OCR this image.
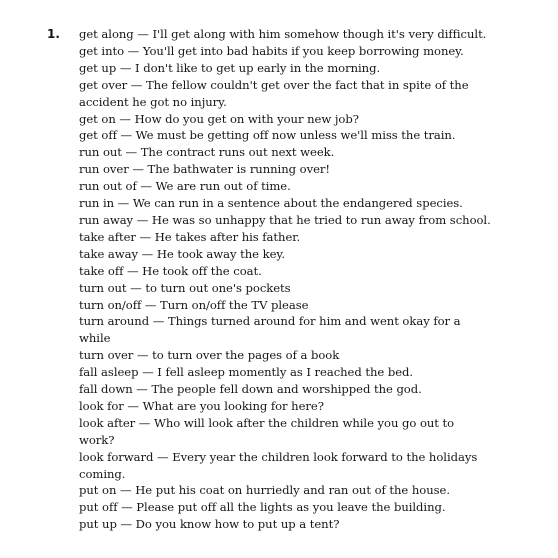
1. get along — I'll get along with him somehow though it's very difficult.
get into — You'll get into bad habits if you keep borrowing money.
get up — I don't like to get up early in the morning.
get over — The fellow couldn't get over the fact that in spite of the
accident he got no injury.
get on — How do you get on with your new job?
get off — We must be getting off now unless we'll miss the train.
run out — The contract runs out next week.
run over — The bathwater is running over!
run out of — We are run out of time.
run in — We can run in a sentence about the endangered species.
run away — He was so unhappy that he tried to run away from school.
take after — He takes after his father.
take away — He took away the key.
take off — He took off the coat.
turn out — to turn out one's pockets
turn on/off — Turn on/off the TV please
turn around — Things turned around for him and went okay for a
while
turn over — to turn over the pages of a book
fall asleep — I fell asleep momently as I reached the bed.
fall down — The people fell down and worshipped the god.
look for — What are you looking for here?
look after — Who will look after the children while you go out to
work?
look forward — Every year the children look forward to the holidays
coming.
put on — He put his coat on hurriedly and ran out of the house.
put off — Please put off all the lights as you leave the building.
put up — Do you know how to put up a tent?
